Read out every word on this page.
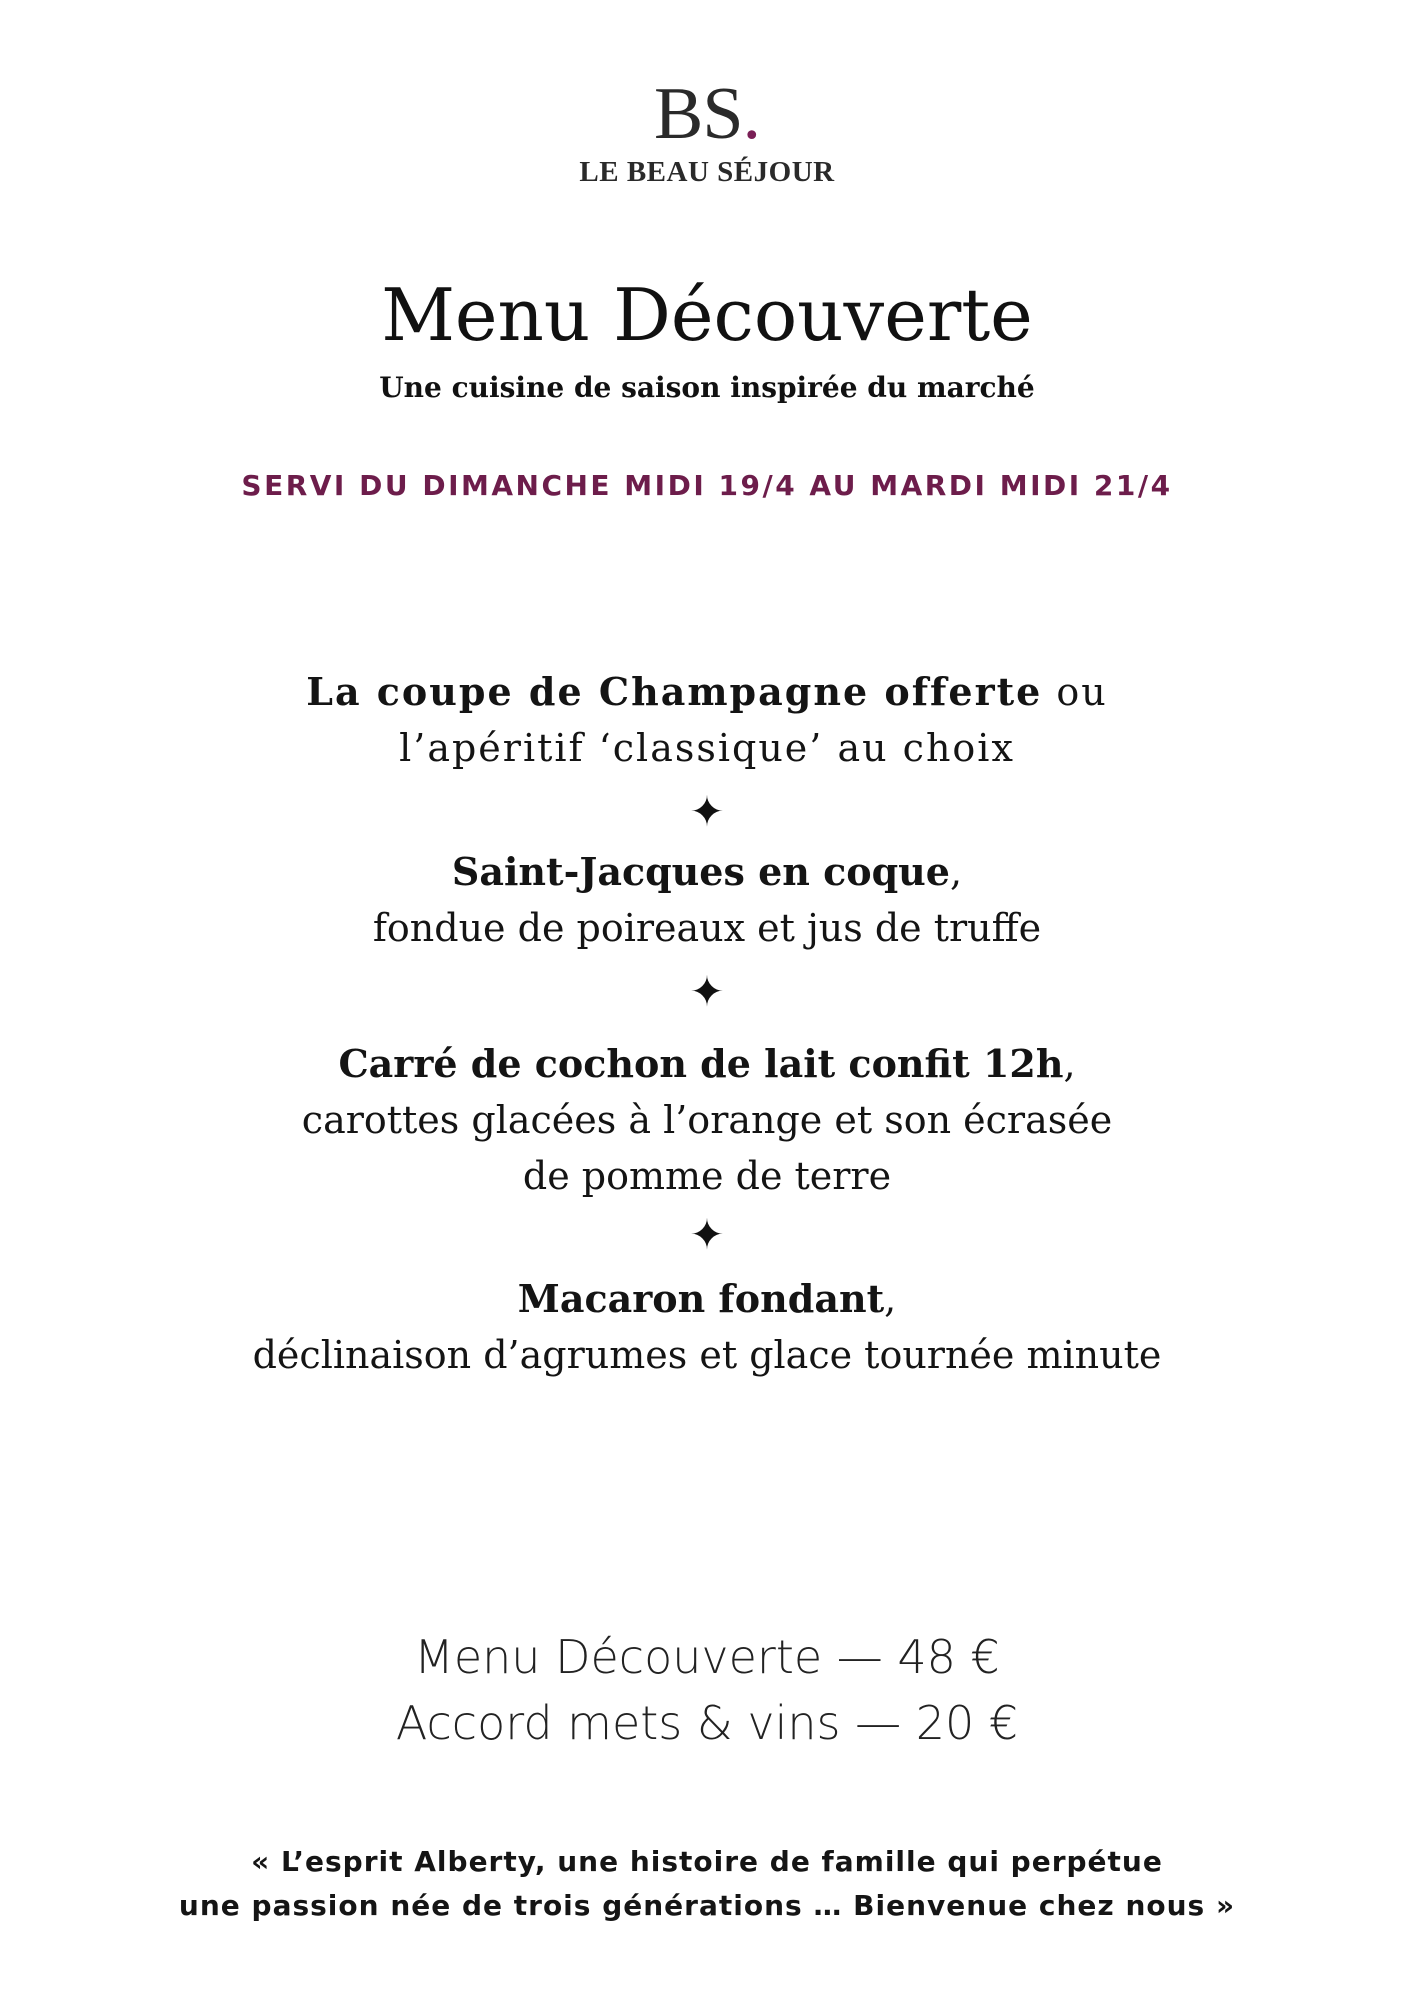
BS.
LE BEAU SÉJOUR
Menu Découverte
Une cuisine de saison inspirée du marché
SERVI DU DIMANCHE MIDI 19/4 AU MARDI MIDI 21/4
La coupe de Champagne offerte ou
l’apéritif ‘classique’ au choix
✦
Saint-Jacques en coque,
fondue de poireaux et jus de truffe
✦
Carré de cochon de lait confit 12h,
carottes glacées à l’orange et son écrasée
de pomme de terre
✦
Macaron fondant,
déclinaison d’agrumes et glace tournée minute
Menu Découverte — 48 €
Accord mets & vins — 20 €
« L’esprit Alberty, une histoire de famille qui perpétue
une passion née de trois générations … Bienvenue chez nous »
